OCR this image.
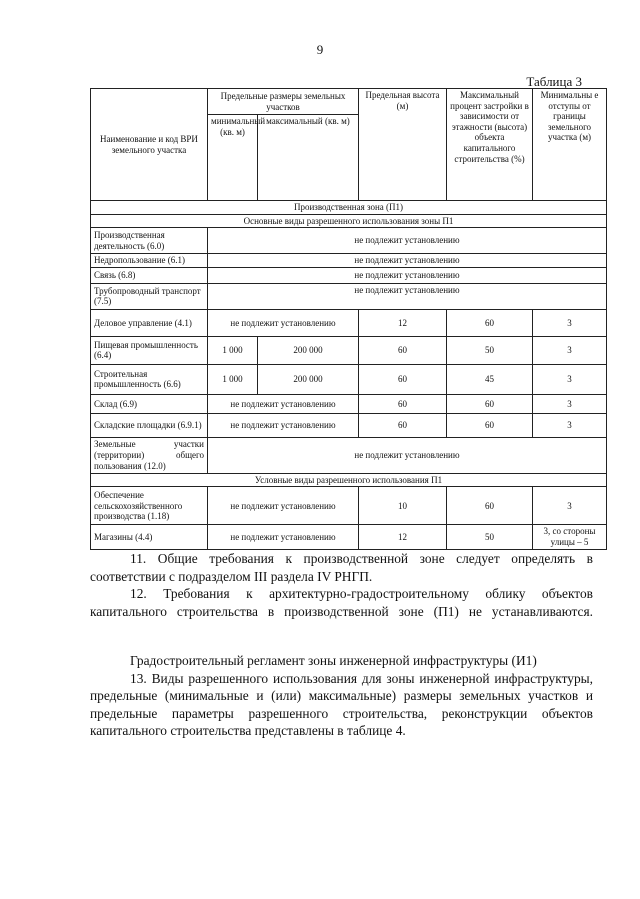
9
Таблица 3
Наименование и код ВРИ земельного участка	Предельные размеры земельных участков		Предельная высота (м)	Максимальный процент застройки в зависимости от этажности (высота) объекта капитального строительства (%)	Минимальны е отступы от границы земельного участка (м)
	минимальный (кв. м)	максимальный (кв. м)			
Производственная зона (П1)					
Основные виды разрешенного использования зоны П1					
Производственная деятельность (6.0)	не подлежит установлению				
Недропользование (6.1)	не подлежит установлению				
Связь (6.8)	не подлежит установлению				
Трубопроводный транспорт (7.5)	не подлежит установлению				
Деловое управление (4.1)	не подлежит установлению		12	60	3
Пищевая промышленность (6.4)	1 000	200 000	60	50	3
Строительная промышленность (6.6)	1 000	200 000	60	45	3
Склад (6.9)	не подлежит установлению		60	60	3
Складские площадки (6.9.1)	не подлежит установлению		60	60	3
Земельные участки (территории) общего пользования (12.0)	не подлежит установлению				
Условные виды разрешенного использования П1					
Обеспечение сельскохозяйственного производства (1.18)	не подлежит установлению		10	60	3
Магазины (4.4)	не подлежит установлению		12	50	3, со стороны улицы – 5

11. Общие требования к производственной зоне следует определять в соответствии с подразделом III раздела IV РНГП.

12. Требования к архитектурно-градостроительному облику объектов капитального строительства в производственной зоне (П1) не устанавливаются.

Градостроительный регламент зоны инженерной инфраструктуры (И1)

13. Виды разрешенного использования для зоны инженерной инфраструктуры, предельные (минимальные и (или) максимальные) размеры земельных участков и предельные параметры разрешенного строительства, реконструкции объектов капитального строительства представлены в таблице 4.
